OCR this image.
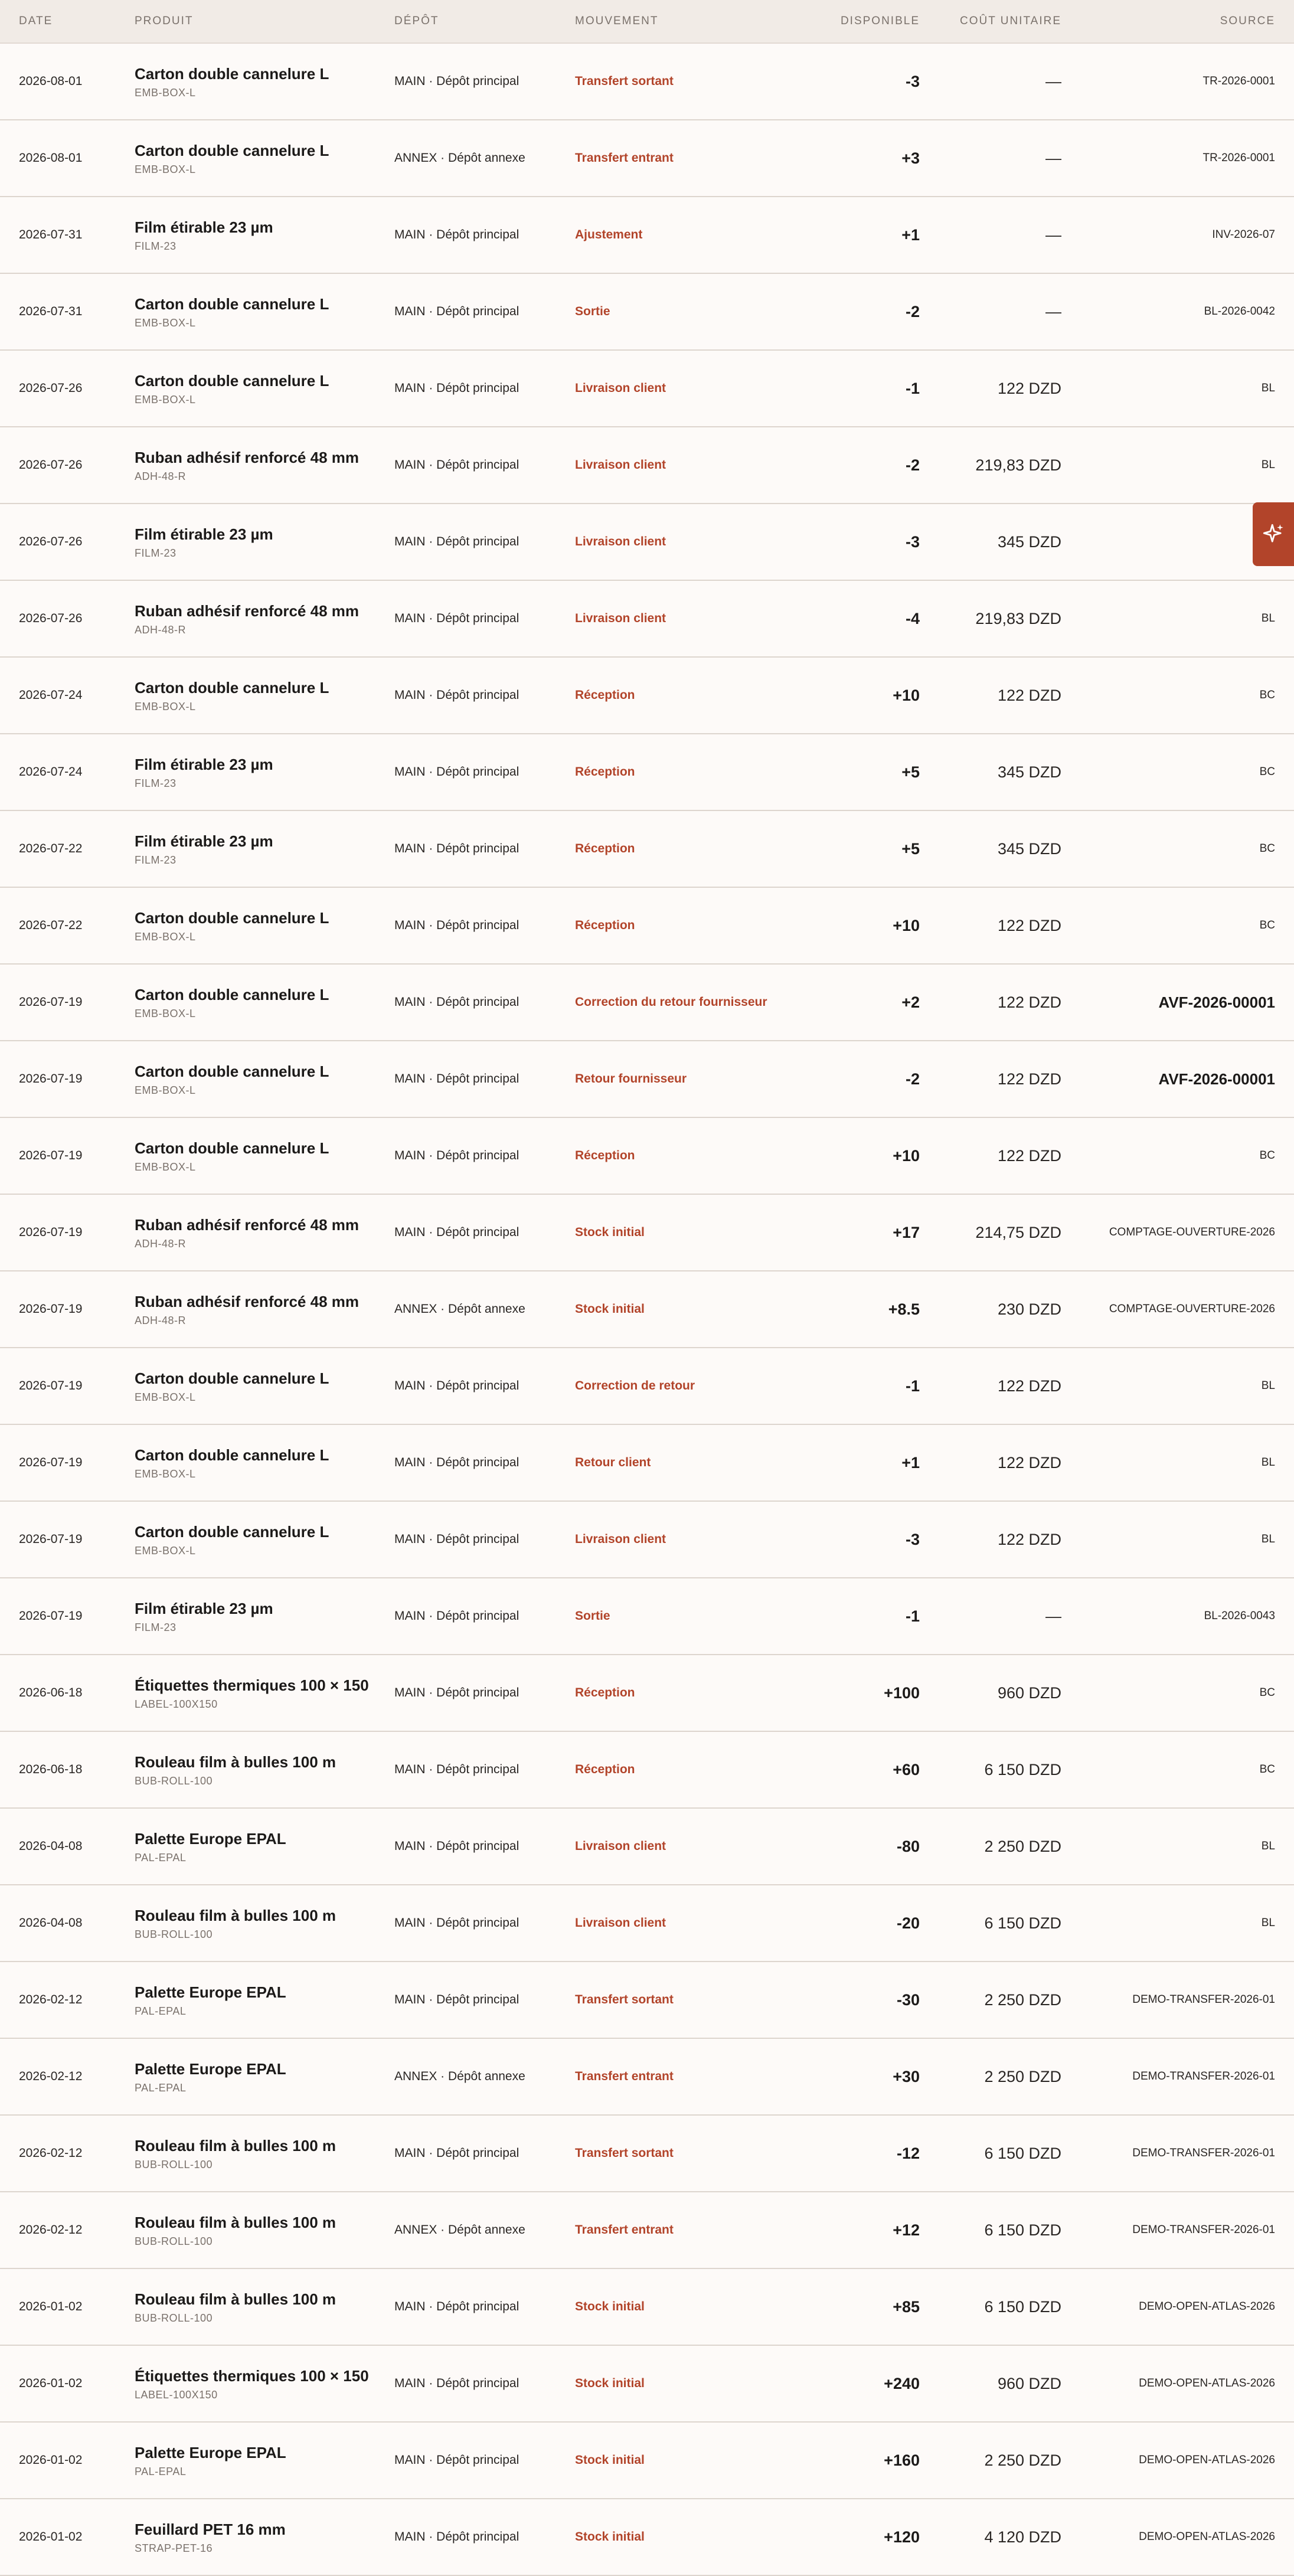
DATE	PRODUIT	DÉPÔT	MOUVEMENT	DISPONIBLE	COÛT UNITAIRE	SOURCE
2026-08-01	Carton double cannelure L
EMB-BOX-L
MAIN · Dépôt principal	Transfert sortant	-3	—	TR-2026-0001
2026-08-01	Carton double cannelure L
EMB-BOX-L
ANNEX · Dépôt annexe	Transfert entrant	+3	—	TR-2026-0001
2026-07-31	Film étirable 23 µm
FILM-23
MAIN · Dépôt principal	Ajustement	+1	—	INV-2026-07
2026-07-31	Carton double cannelure L
EMB-BOX-L
MAIN · Dépôt principal	Sortie	-2	—	BL-2026-0042
2026-07-26	Carton double cannelure L
EMB-BOX-L
MAIN · Dépôt principal	Livraison client	-1	122 DZD	BL
2026-07-26	Ruban adhésif renforcé 48 mm
ADH-48-R
MAIN · Dépôt principal	Livraison client	-2	219,83 DZD	BL
2026-07-26	Film étirable 23 µm
FILM-23
MAIN · Dépôt principal	Livraison client	-3	345 DZD
2026-07-26	Ruban adhésif renforcé 48 mm
ADH-48-R
MAIN · Dépôt principal	Livraison client	-4	219,83 DZD	BL
2026-07-24	Carton double cannelure L
EMB-BOX-L
MAIN · Dépôt principal	Réception	+10	122 DZD	BC
2026-07-24	Film étirable 23 µm
FILM-23
MAIN · Dépôt principal	Réception	+5	345 DZD	BC
2026-07-22	Film étirable 23 µm
FILM-23
MAIN · Dépôt principal	Réception	+5	345 DZD	BC
2026-07-22	Carton double cannelure L
EMB-BOX-L
MAIN · Dépôt principal	Réception	+10	122 DZD	BC
2026-07-19	Carton double cannelure L
EMB-BOX-L
MAIN · Dépôt principal	Correction du retour fournisseur	+2	122 DZD	AVF-2026-00001
2026-07-19	Carton double cannelure L
EMB-BOX-L
MAIN · Dépôt principal	Retour fournisseur	-2	122 DZD	AVF-2026-00001
2026-07-19	Carton double cannelure L
EMB-BOX-L
MAIN · Dépôt principal	Réception	+10	122 DZD	BC
2026-07-19	Ruban adhésif renforcé 48 mm
ADH-48-R
MAIN · Dépôt principal	Stock initial	+17	214,75 DZD	COMPTAGE-OUVERTURE-2026
2026-07-19	Ruban adhésif renforcé 48 mm
ADH-48-R
ANNEX · Dépôt annexe	Stock initial	+8.5	230 DZD	COMPTAGE-OUVERTURE-2026
2026-07-19	Carton double cannelure L
EMB-BOX-L
MAIN · Dépôt principal	Correction de retour	-1	122 DZD	BL
2026-07-19	Carton double cannelure L
EMB-BOX-L
MAIN · Dépôt principal	Retour client	+1	122 DZD	BL
2026-07-19	Carton double cannelure L
EMB-BOX-L
MAIN · Dépôt principal	Livraison client	-3	122 DZD	BL
2026-07-19	Film étirable 23 µm
FILM-23
MAIN · Dépôt principal	Sortie	-1	—	BL-2026-0043
2026-06-18	Étiquettes thermiques 100 × 150
LABEL-100X150
MAIN · Dépôt principal	Réception	+100	960 DZD	BC
2026-06-18	Rouleau film à bulles 100 m
BUB-ROLL-100
MAIN · Dépôt principal	Réception	+60	6 150 DZD	BC
2026-04-08	Palette Europe EPAL
PAL-EPAL
MAIN · Dépôt principal	Livraison client	-80	2 250 DZD	BL
2026-04-08	Rouleau film à bulles 100 m
BUB-ROLL-100
MAIN · Dépôt principal	Livraison client	-20	6 150 DZD	BL
2026-02-12	Palette Europe EPAL
PAL-EPAL
MAIN · Dépôt principal	Transfert sortant	-30	2 250 DZD	DEMO-TRANSFER-2026-01
2026-02-12	Palette Europe EPAL
PAL-EPAL
ANNEX · Dépôt annexe	Transfert entrant	+30	2 250 DZD	DEMO-TRANSFER-2026-01
2026-02-12	Rouleau film à bulles 100 m
BUB-ROLL-100
MAIN · Dépôt principal	Transfert sortant	-12	6 150 DZD	DEMO-TRANSFER-2026-01
2026-02-12	Rouleau film à bulles 100 m
BUB-ROLL-100
ANNEX · Dépôt annexe	Transfert entrant	+12	6 150 DZD	DEMO-TRANSFER-2026-01
2026-01-02	Rouleau film à bulles 100 m
BUB-ROLL-100
MAIN · Dépôt principal	Stock initial	+85	6 150 DZD	DEMO-OPEN-ATLAS-2026
2026-01-02	Étiquettes thermiques 100 × 150
LABEL-100X150
MAIN · Dépôt principal	Stock initial	+240	960 DZD	DEMO-OPEN-ATLAS-2026
2026-01-02	Palette Europe EPAL
PAL-EPAL
MAIN · Dépôt principal	Stock initial	+160	2 250 DZD	DEMO-OPEN-ATLAS-2026
2026-01-02	Feuillard PET 16 mm
STRAP-PET-16
MAIN · Dépôt principal	Stock initial	+120	4 120 DZD	DEMO-OPEN-ATLAS-2026
